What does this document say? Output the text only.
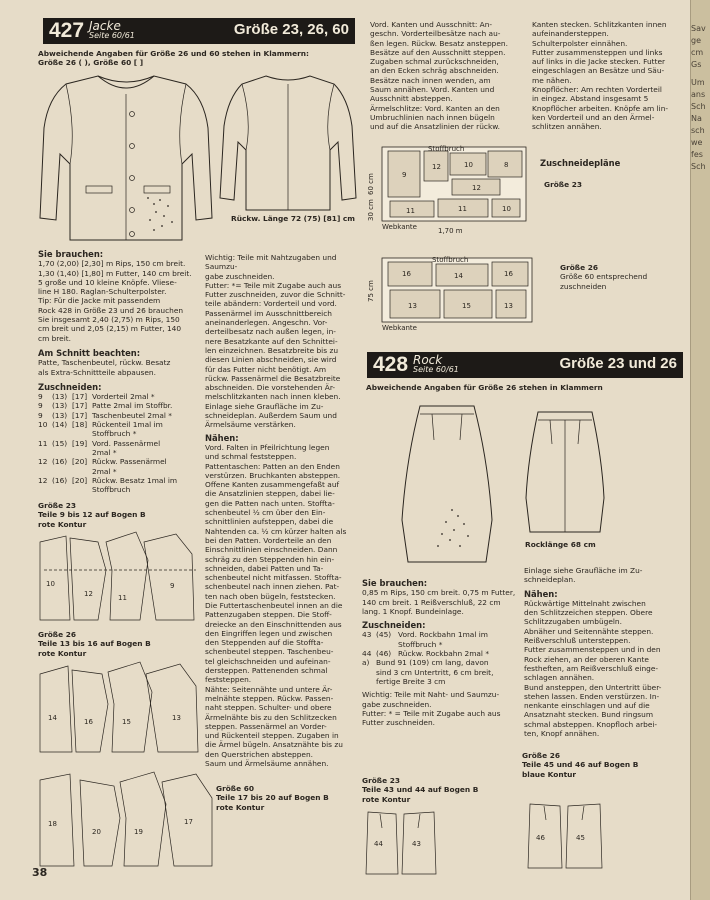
427 Jacke
Seite 60/61	Größe 23, 26, 60
Abweichende Angaben für Größe 26 und 60 stehen in Klammern: Größe 26 ( ), Größe 60 [ ]
Rückw. Länge 72 (75) [81] cm
Sie brauchen:
1,70 (2,00) [2,30] m Rips, 150 cm breit.
1,30 (1,40) [1,80] m Futter, 140 cm breit.
5 große und 10 kleine Knöpfe. Vliese-
line H 180. Raglan-Schulterpolster.
Tip: Für die Jacke mit passendem
Rock 428 in Größe 23 und 26 brauchen
Sie insgesamt 2,40 (2,75) m Rips, 150
cm breit und 2,05 (2,15) m Futter, 140
cm breit.
Am Schnitt beachten:
Patte, Taschenbeutel, rückw. Besatz
als Extra-Schnittteile abpausen.
Zuschneiden:
9 (13) [17] Vorderteil 2mal *
9 (13) [17] Patte 2mal im Stoffbr.
9 (13) [17] Taschenbeutel 2mal *
10 (14) [18] Rückenteil 1mal im
Stoffbruch *
11 (15) [19] Vord. Passenärmel
2mal *
12 (16) [20] Rückw. Passenärmel
2mal *
12 (16) [20] Rückw. Besatz 1mal im
Stoffbruch
Größe 23
Teile 9 bis 12 auf Bogen B
rote Kontur
10
12	11
9
Größe 26
Teile 13 bis 16 auf Bogen B
rote Kontur
14	16	15	13
18
20	19
17
Größe 60
Teile 17 bis 20 auf Bogen B
rote Kontur
Wichtig: Teile mit Nahtzugaben und Saumzu-
gabe zuschneiden.
Futter: *= Teile mit Zugabe auch aus
Futter zuschneiden, zuvor die Schnitt-
teile abändern: Vorderteil und vord.
Passenärmel im Ausschnittbereich
aneinanderlegen. Angeschn. Vor-
derteilbesatz nach außen legen, in-
nere Besatzkante auf den Schnittei-
len einzeichnen. Besatzbreite bis zu
diesen Linien abschneiden, sie wird
für das Futter nicht benötigt. Am
rückw. Passenärmel die Besatzbreite
abschneiden. Die vorstehenden Är-
melschlitzkanten nach innen kleben.
Einlage siehe Graufläche im Zu-
schneideplan. Außerdem Saum und
Ärmelsäume verstärken.
Nähen:
Vord. Falten in Pfeilrichtung legen
und schmal feststeppen.
Pattentaschen: Patten an den Enden
verstürzen. Bruchkanten absteppen.
Offene Kanten zusammengefaßt auf
die Ansatzlinien steppen, dabei lie-
gen die Patten nach unten. Stoffta-
schenbeutel ½ cm über den Ein-
schnittlinien aufsteppen, dabei die
Nahtenden ca. ½ cm kürzer halten als
bei den Patten. Vorderteile an den
Einschnittlinien einschneiden. Dann
schräg zu den Steppenden hin ein-
schneiden, dabei Patten und Ta-
schenbeutel nicht mitfassen. Stoffta-
schenbeutel nach innen ziehen. Pat-
ten nach oben bügeln, feststecken.
Die Futtertaschenbeutel innen an die
Pattenzugaben steppen. Die Stoff-
dreiecke an den Einschnittenden aus
den Eingriffen legen und zwischen
den Steppenden auf die Stoffta-
schenbeutel steppen. Taschenbeu-
tel gleichschneiden und aufeinan-
dersteppen. Pattenenden schmal
feststeppen.
Nähte: Seitennähte und untere Är-
melnähte steppen. Rückw. Passen-
naht steppen. Schulter- und obere
Ärmelnähte bis zu den Schlitzecken
steppen. Passenärmel an Vorder-
und Rückenteil steppen. Zugaben in
die Ärmel bügeln. Ansatznähte bis zu
den Querstrichen absteppen.
Saum und Ärmelsäume annähen.
Vord. Kanten und Ausschnitt: An-
geschn. Vorderteilbesätze nach au-
ßen legen. Rückw. Besatz ansteppen.
Besätze auf den Ausschnitt steppen.
Zugaben schmal zurückschneiden,
an den Ecken schräg abschneiden.
Besätze nach innen wenden, am
Saum annähen. Vord. Kanten und
Ausschnitt absteppen.
Ärmelschlitze: Vord. Kanten an den
Umbruchlinien nach innen bügeln
und auf die Ansatzlinien der rückw.
Kanten stecken. Schlitzkanten innen
aufeinandersteppen.
Schulterpolster einnähen.
Futter zusammensteppen und links
auf links in die Jacke stecken. Futter
eingeschlagen an Besätze und Säu-
me nähen.
Knopflöcher: Am rechten Vorderteil
in eingez. Abstand insgesamt 5
Knopflöcher arbeiten. Knöpfe am lin-
ken Vorderteil und an den Ärmel-
schlitzen annähen.
9
12	10	8
12
11	11	10
Stoffbruch
Webkante	1,70 m
60 cm
30 cm
Zuschneidepläne
Größe 23
16	14	16
13	15	13
Stoffbruch
Webkante
75 cm
Größe 26
Größe 60 entsprechend
zuschneiden
428 Rock
Seite 60/61	Größe 23 und 26
Abweichende Angaben für Größe 26 stehen in Klammern
Rocklänge 68 cm
Sie brauchen:
0,85 m Rips, 150 cm breit. 0,75 m Futter,
140 cm breit. 1 Reißverschluß, 22 cm
lang. 1 Knopf. Bundeinlage.
Zuschneiden:
43 (45) Vord. Rockbahn 1mal im
Stoffbruch *
44 (46) Rückw. Rockbahn 2mal *
a) Bund 91 (109) cm lang, davon
sind 3 cm Untertritt, 6 cm breit,
fertige Breite 3 cm
Wichtig: Teile mit Naht- und Saumzu-
gabe zuschneiden.
Futter: * = Teile mit Zugabe auch aus
Futter zuschneiden.
Einlage siehe Graufläche im Zu-
schneideplan.
Nähen:
Rückwärtige Mittelnaht zwischen
den Schlitzzeichen steppen. Obere
Schlitzzugaben umbügeln.
Abnäher und Seitennähte steppen.
Reißverschluß untersteppen.
Futter zusammensteppen und in den
Rock ziehen, an der oberen Kante
festheften, am Reißverschluß einge-
schlagen annähen.
Bund ansteppen, den Untertritt über-
stehen lassen. Enden verstürzen. In-
nenkante einschlagen und auf die
Ansatznaht stecken. Bund ringsum
schmal absteppen. Knopfloch arbei-
ten, Knopf annähen.
Größe 23
Teile 43 und 44 auf Bogen B
rote Kontur
44	43
Größe 26
Teile 45 und 46 auf Bogen B
blaue Kontur
46	45
38
Sav
ge
cm
Gs
Um
ans
Sch
Na
sch
we
fes
Sch
